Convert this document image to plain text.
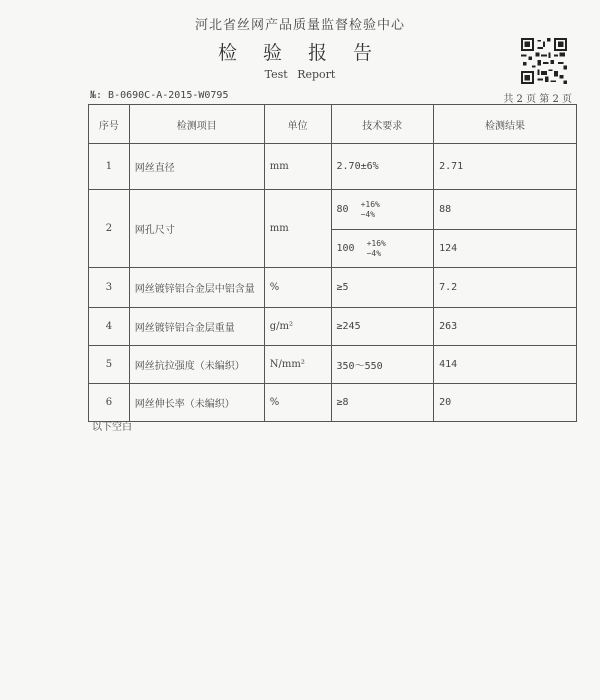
河北省丝网产品质量监督检验中心
检 验 报 告
Test Report
№: B-0690C-A-2015-W0795	共 2 页 第 2 页
序号	检测项目	单位	技术要求	检测结果
1	网丝直径	mm	2.70±6%	2.71
2	网孔尺寸	mm	80 +16%
−4%	88

			100 +16%
−4%	124
3	网丝镀锌铝合金层中铝含量	%	≥5	7.2
4	网丝镀锌铝合金层重量	g/m²	≥245	263
5	网丝抗拉强度（未编织）	N/mm²	350～550	414
6	网丝伸长率（未编织）	%	≥8	20
以下空白
